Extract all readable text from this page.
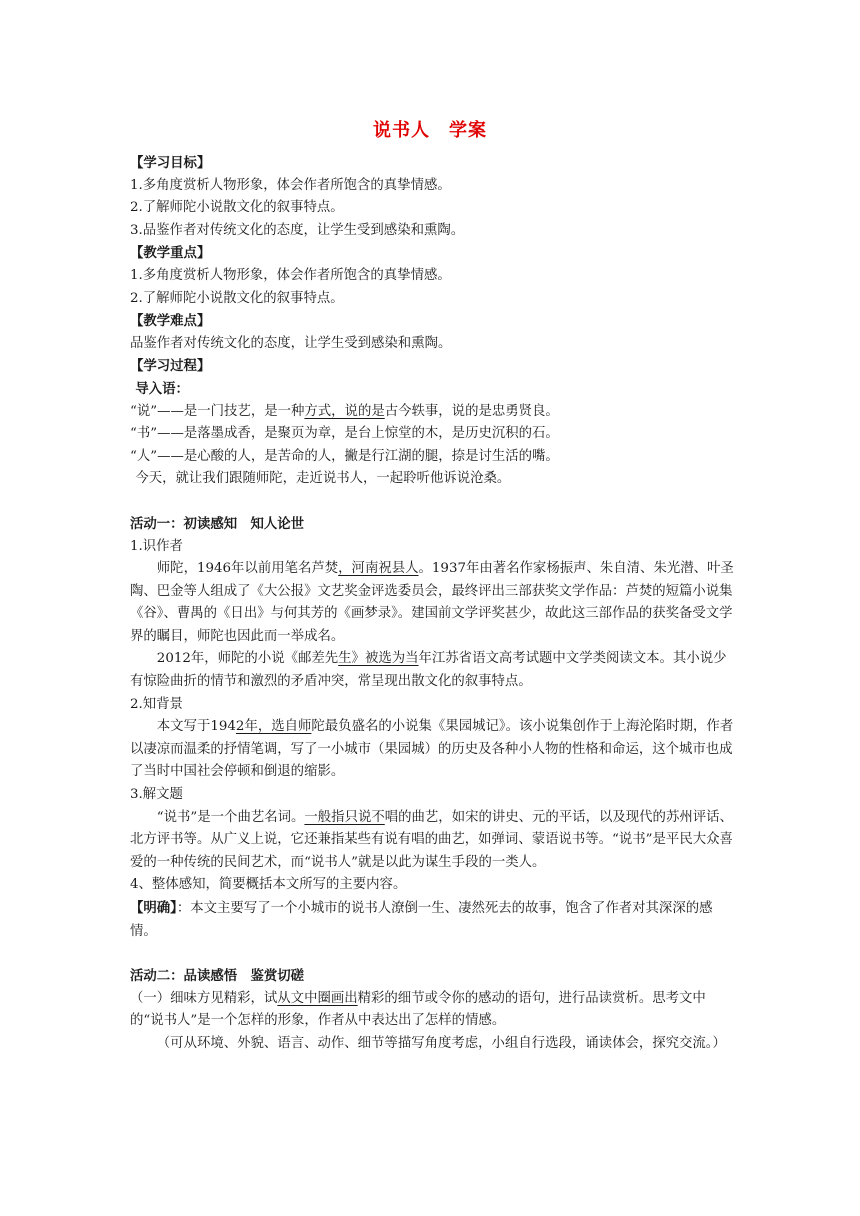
说书人　学案

【学习目标】

1.多角度赏析人物形象，体会作者所饱含的真挚情感。

2.了解师陀小说散文化的叙事特点。

3.品鉴作者对传统文化的态度，让学生受到感染和熏陶。

【教学重点】

1.多角度赏析人物形象，体会作者所饱含的真挚情感。

2.了解师陀小说散文化的叙事特点。

【教学难点】

品鉴作者对传统文化的态度，让学生受到感染和熏陶。

【学习过程】

导入语：

“说”——是一门技艺，是一种方式，说的是古今轶事，说的是忠勇贤良。

“书”——是落墨成香，是聚页为章，是台上惊堂的木，是历史沉积的石。

“人”——是心酸的人，是苦命的人，撇是行江湖的腿，捺是讨生活的嘴。

今天，就让我们跟随师陀，走近说书人，一起聆听他诉说沧桑。

活动一：初读感知　知人论世

1.识作者

师陀，1946年以前用笔名芦焚，河南祝县人。1937年由著名作家杨振声、朱自清、朱光潜、叶圣陶、巴金等人组成了《大公报》文艺奖金评选委员会，最终评出三部获奖文学作品：芦焚的短篇小说集《谷》、曹禺的《日出》与何其芳的《画梦录》。建国前文学评奖甚少，故此这三部作品的获奖备受文学界的瞩目，师陀也因此而一举成名。

2012年，师陀的小说《邮差先生》被选为当年江苏省语文高考试题中文学类阅读文本。其小说少有惊险曲折的情节和激烈的矛盾冲突，常呈现出散文化的叙事特点。

2.知背景

本文写于1942年，选自师陀最负盛名的小说集《果园城记》。该小说集创作于上海沦陷时期，作者以凄凉而温柔的抒情笔调，写了一小城市（果园城）的历史及各种小人物的性格和命运，这个城市也成了当时中国社会停顿和倒退的缩影。

3.解文题

“说书”是一个曲艺名词。一般指只说不唱的曲艺，如宋的讲史、元的平话，以及现代的苏州评话、北方评书等。从广义上说，它还兼指某些有说有唱的曲艺，如弹词、蒙语说书等。“说书”是平民大众喜爱的一种传统的民间艺术，而“说书人”就是以此为谋生手段的一类人。

4、整体感知，简要概括本文所写的主要内容。

【明确】：本文主要写了一个小城市的说书人潦倒一生、凄然死去的故事，饱含了作者对其深深的感情。

活动二：品读感悟　鉴赏切磋

（一）细味方见精彩，试从文中圈画出精彩的细节或令你的感动的语句，进行品读赏析。思考文中的“说书人”是一个怎样的形象，作者从中表达出了怎样的情感。

（可从环境、外貌、语言、动作、细节等描写角度考虑，小组自行选段，诵读体会，探究交流。）
